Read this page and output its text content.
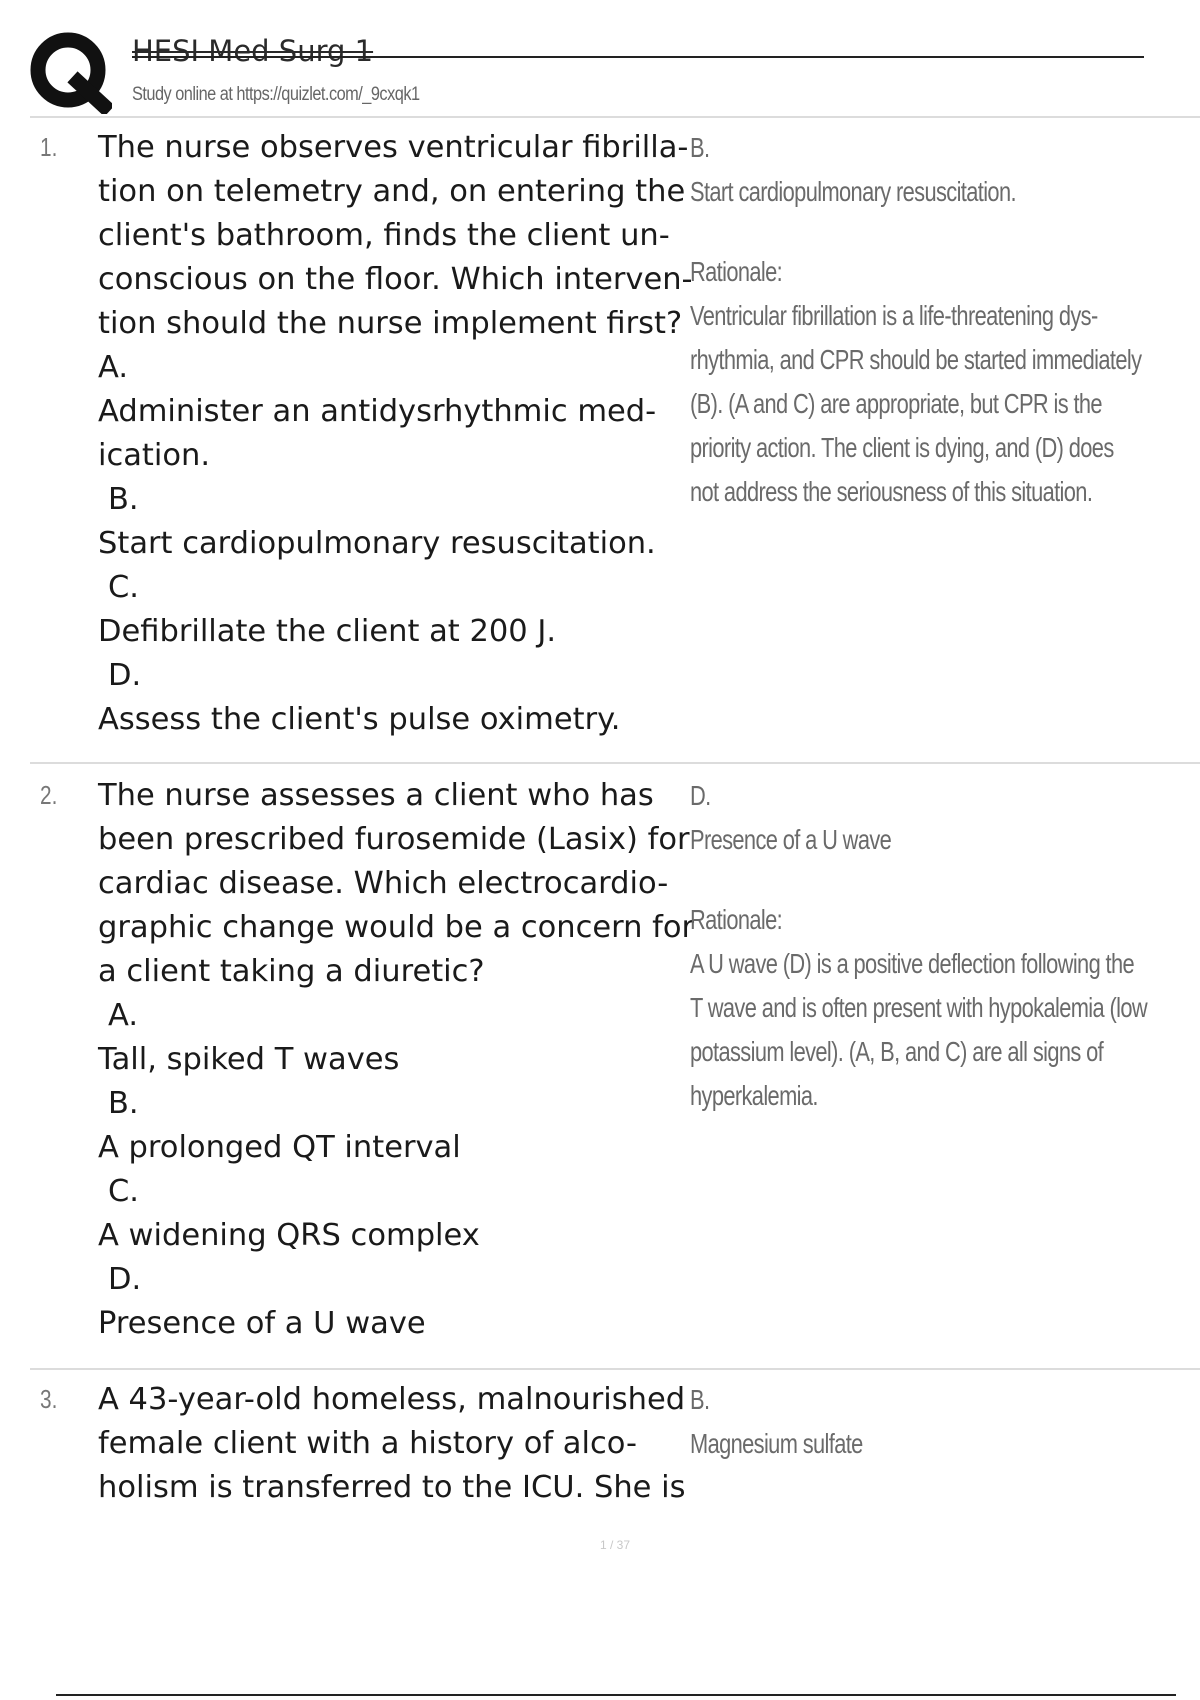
HESI Med Surg 1
Study online at https://quizlet.com/_9cxqk1
1. The nurse observes ventricular fibrilla-
tion on telemetry and, on entering the
client's bathroom, finds the client un-
conscious on the floor. Which interven-
tion should the nurse implement first?
A.
Administer an antidysrhythmic med-
ication.
B.
Start cardiopulmonary resuscitation.
C.
Defibrillate the client at 200 J.
D.
Assess the client's pulse oximetry.
B.
Start cardiopulmonary resuscitation.
Rationale:
Ventricular fibrillation is a life-threatening dys-
rhythmia, and CPR should be started immediately
(B). (A and C) are appropriate, but CPR is the
priority action. The client is dying, and (D) does
not address the seriousness of this situation.
2. The nurse assesses a client who has
been prescribed furosemide (Lasix) for
cardiac disease. Which electrocardio-
graphic change would be a concern for
a client taking a diuretic?
A.
Tall, spiked T waves
B.
A prolonged QT interval
C.
A widening QRS complex
D.
Presence of a U wave
D.
Presence of a U wave
Rationale:
A U wave (D) is a positive deflection following the
T wave and is often present with hypokalemia (low
potassium level). (A, B, and C) are all signs of
hyperkalemia.
3. A 43-year-old homeless, malnourished
female client with a history of alco-
holism is transferred to the ICU. She is
B.
Magnesium sulfate
1 / 37
